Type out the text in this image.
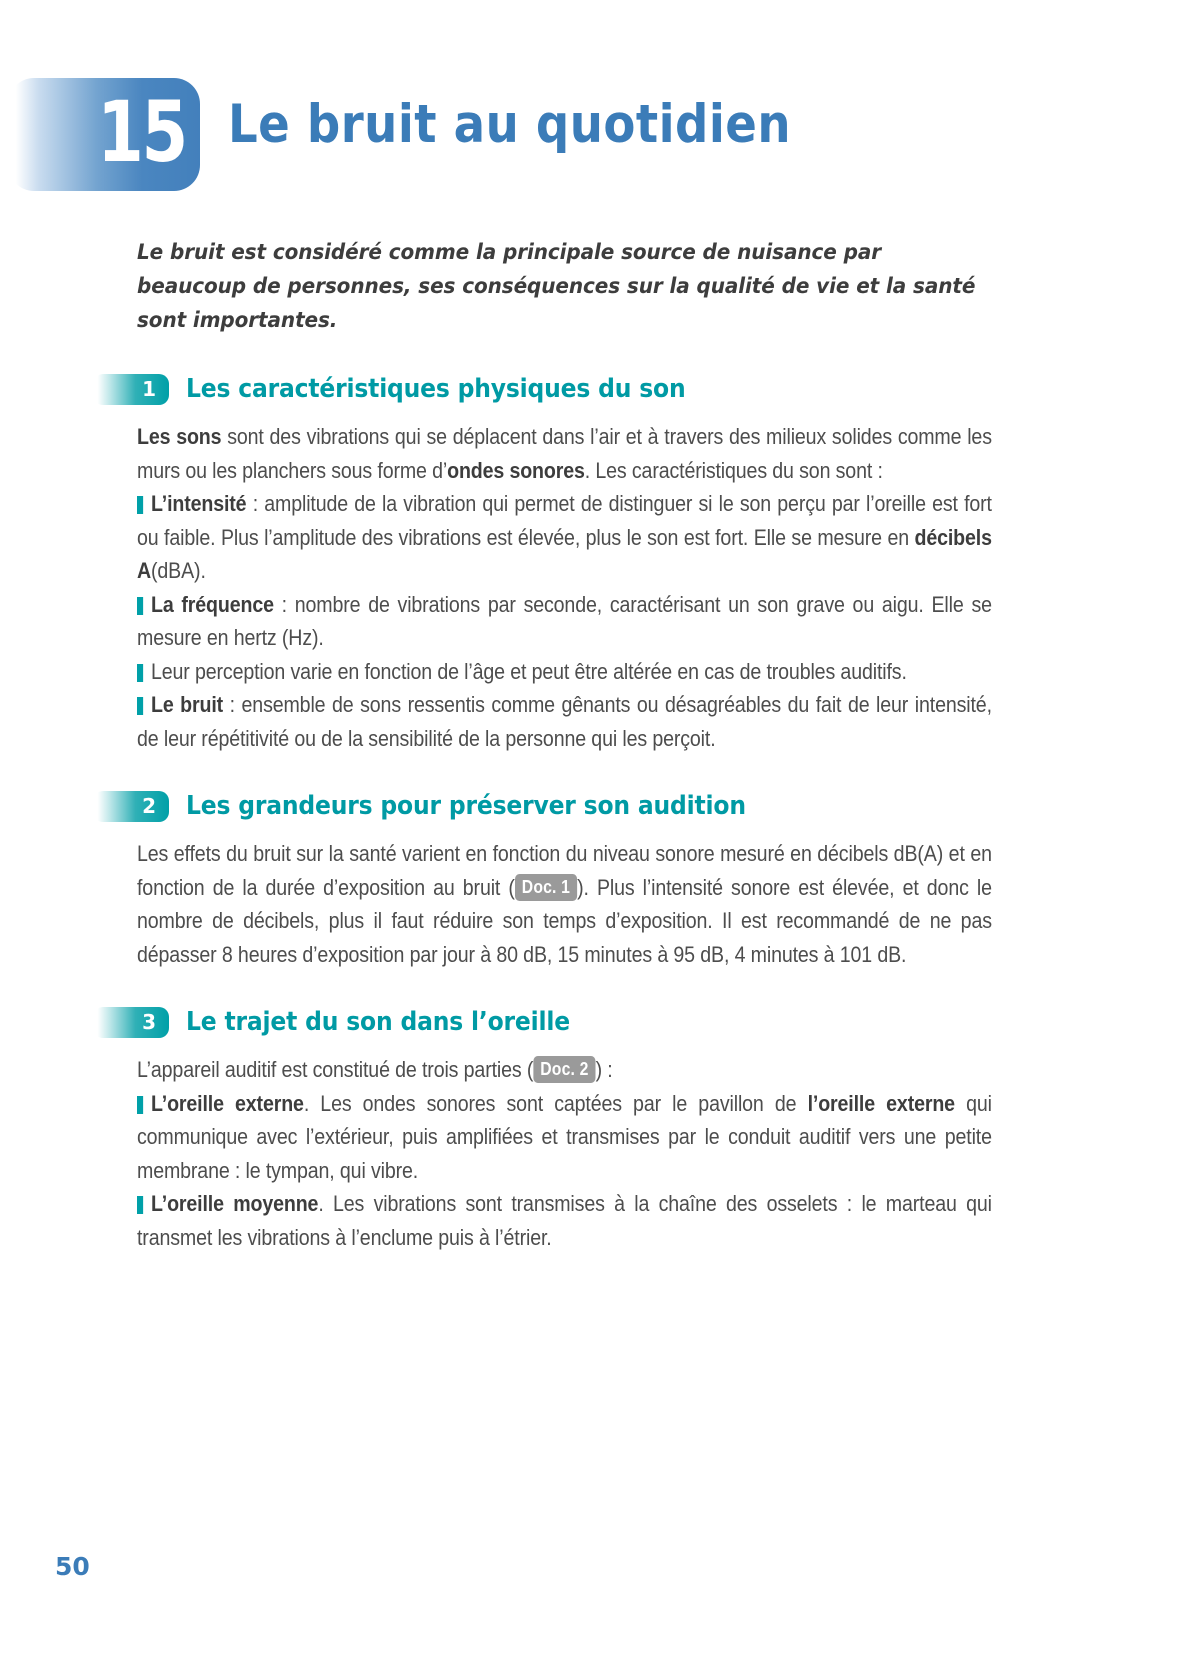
15 Le bruit au quotidien
Le bruit est considéré comme la principale source de nuisance par beaucoup de personnes, ses conséquences sur la qualité de vie et la santé sont importantes.
1 Les caractéristiques physiques du son

Les sons sont des vibrations qui se déplacent dans l’air et à travers des milieux solides comme les murs ou les planchers sous forme d’ondes sonores. Les caractéristiques du son sont :

L’intensité : amplitude de la vibration qui permet de distinguer si le son perçu par l’oreille est fort ou faible. Plus l’amplitude des vibrations est élevée, plus le son est fort. Elle se mesure en décibels A(dBA).

La fréquence : nombre de vibrations par seconde, caractérisant un son grave ou aigu. Elle se mesure en hertz (Hz).

Leur perception varie en fonction de l’âge et peut être altérée en cas de troubles auditifs.

Le bruit : ensemble de sons ressentis comme gênants ou désagréables du fait de leur intensité, de leur répétitivité ou de la sensibilité de la personne qui les perçoit.

2 Les grandeurs pour préserver son audition

Les effets du bruit sur la santé varient en fonction du niveau sonore mesuré en décibels dB(A) et en fonction de la durée d’exposition au bruit ( Doc. 1 ). Plus l’intensité sonore est élevée, et donc le nombre de décibels, plus il faut réduire son temps d’exposition. Il est recommandé de ne pas dépasser 8 heures d’exposition par jour à 80 dB, 15 minutes à 95 dB, 4 minutes à 101 dB.

3 Le trajet du son dans l’oreille

L’appareil auditif est constitué de trois parties ( Doc. 2 ) :

L’oreille externe. Les ondes sonores sont captées par le pavillon de l’oreille externe qui communique avec l’extérieur, puis amplifiées et transmises par le conduit auditif vers une petite membrane : le tympan, qui vibre.

L’oreille moyenne. Les vibrations sont transmises à la chaîne des osselets : le marteau qui transmet les vibrations à l’enclume puis à l’étrier.

50
